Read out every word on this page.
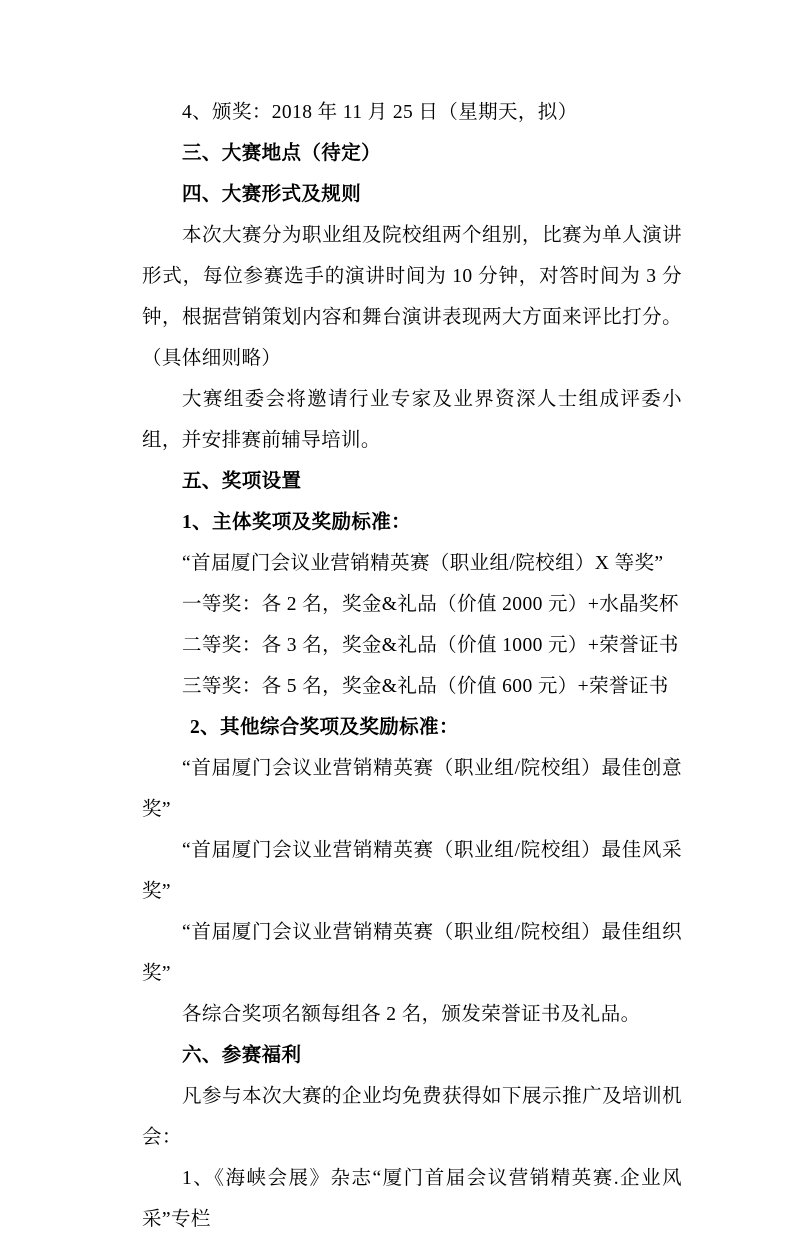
4、颁奖：2018 年 11 月 25 日（星期天，拟）

三、大赛地点（待定）

四、大赛形式及规则

本次大赛分为职业组及院校组两个组别，比赛为单人演讲形式，每位参赛选手的演讲时间为 10 分钟，对答时间为 3 分钟，根据营销策划内容和舞台演讲表现两大方面来评比打分。（具体细则略）

大赛组委会将邀请行业专家及业界资深人士组成评委小组，并安排赛前辅导培训。

五、奖项设置

1、主体奖项及奖励标准：

“首届厦门会议业营销精英赛（职业组/院校组）X 等奖”

一等奖：各 2 名，奖金&礼品（价值 2000 元）+水晶奖杯

二等奖：各 3 名，奖金&礼品（价值 1000 元）+荣誉证书

三等奖：各 5 名，奖金&礼品（价值 600 元）+荣誉证书

2、其他综合奖项及奖励标准：

“首届厦门会议业营销精英赛（职业组/院校组）最佳创意奖”

“首届厦门会议业营销精英赛（职业组/院校组）最佳风采奖”

“首届厦门会议业营销精英赛（职业组/院校组）最佳组织奖”

各综合奖项名额每组各 2 名，颁发荣誉证书及礼品。

六、参赛福利

凡参与本次大赛的企业均免费获得如下展示推广及培训机会：

1、《海峡会展》杂志“厦门首届会议营销精英赛.企业风采”专栏
